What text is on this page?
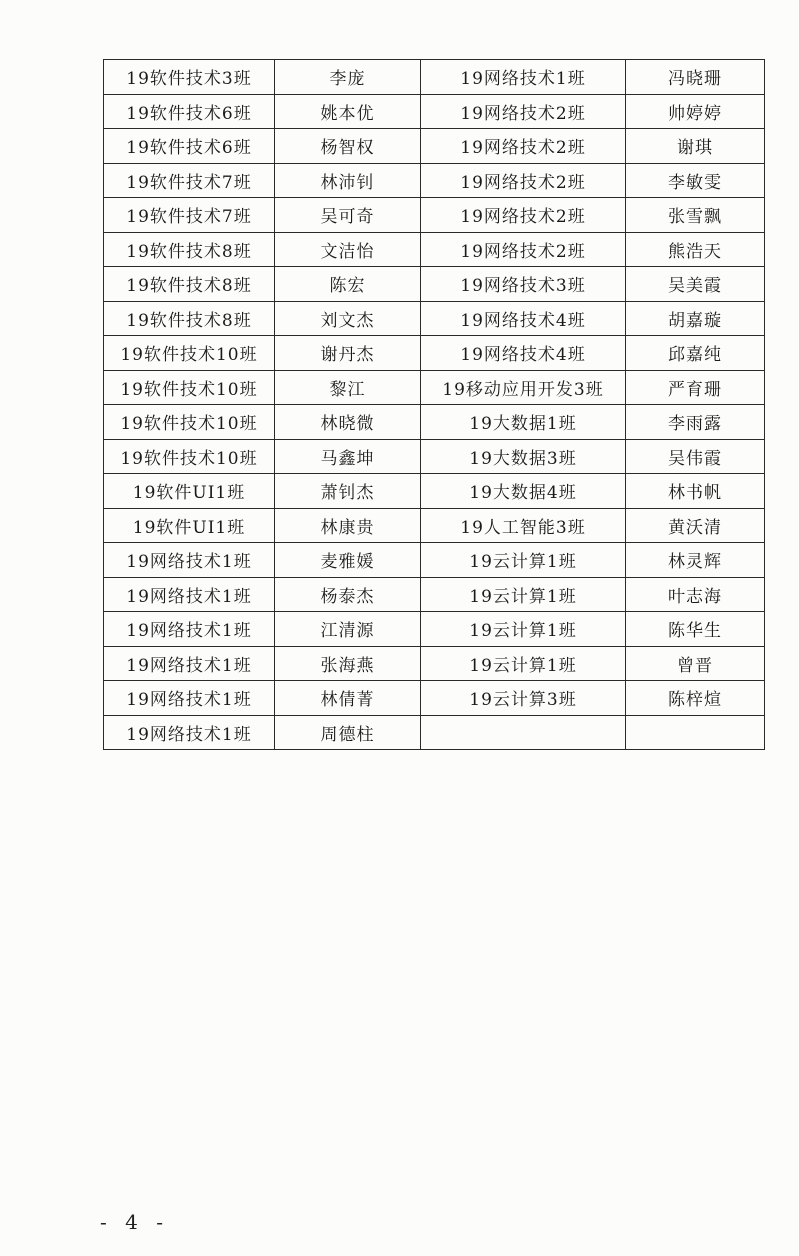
19软件技术3班	李庞	19网络技术1班	冯晓珊
19软件技术6班	姚本优	19网络技术2班	帅婷婷
19软件技术6班	杨智权	19网络技术2班	谢琪
19软件技术7班	林沛钊	19网络技术2班	李敏雯
19软件技术7班	吴可奇	19网络技术2班	张雪飘
19软件技术8班	文洁怡	19网络技术2班	熊浩天
19软件技术8班	陈宏	19网络技术3班	吴美霞
19软件技术8班	刘文杰	19网络技术4班	胡嘉璇
19软件技术10班	谢丹杰	19网络技术4班	邱嘉纯
19软件技术10班	黎江	19移动应用开发3班	严育珊
19软件技术10班	林晓微	19大数据1班	李雨露
19软件技术10班	马鑫坤	19大数据3班	吴伟霞
19软件UI1班	萧钊杰	19大数据4班	林书帆
19软件UI1班	林康贵	19人工智能3班	黄沃清
19网络技术1班	麦雅媛	19云计算1班	林灵辉
19网络技术1班	杨泰杰	19云计算1班	叶志海
19网络技术1班	江清源	19云计算1班	陈华生
19网络技术1班	张海燕	19云计算1班	曾晋
19网络技术1班	林倩菁	19云计算3班	陈梓煊
19网络技术1班	周德柱		
- 4 -
